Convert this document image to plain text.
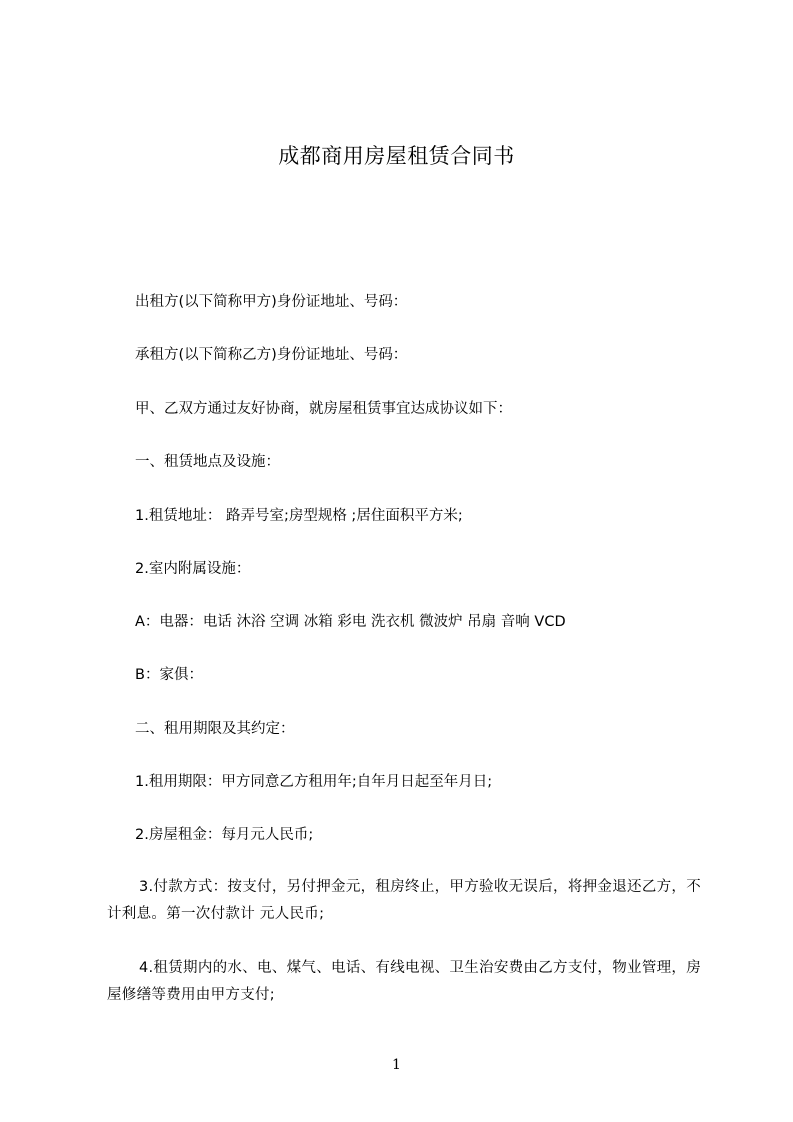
成都商用房屋租赁合同书
出租方(以下简称甲方)身份证地址、号码：
承租方(以下简称乙方)身份证地址、号码：
甲、乙双方通过友好协商，就房屋租赁事宜达成协议如下：
一、租赁地点及设施：
1.租赁地址： 路弄号室;房型规格 ;居住面积平方米;
2.室内附属设施：
A：电器：电话 沐浴 空调 冰箱 彩电 洗衣机 微波炉 吊扇 音响 VCD
B：家俱：
二、租用期限及其约定：
1.租用期限：甲方同意乙方租用年;自年月日起至年月日;
2.房屋租金：每月元人民币;
3.付款方式：按支付，另付押金元，租房终止，甲方验收无误后，将押金退还乙方，不计利息。第一次付款计 元人民币;
4.租赁期内的水、电、煤气、电话、有线电视、卫生治安费由乙方支付，物业管理，房屋修缮等费用由甲方支付;
1
